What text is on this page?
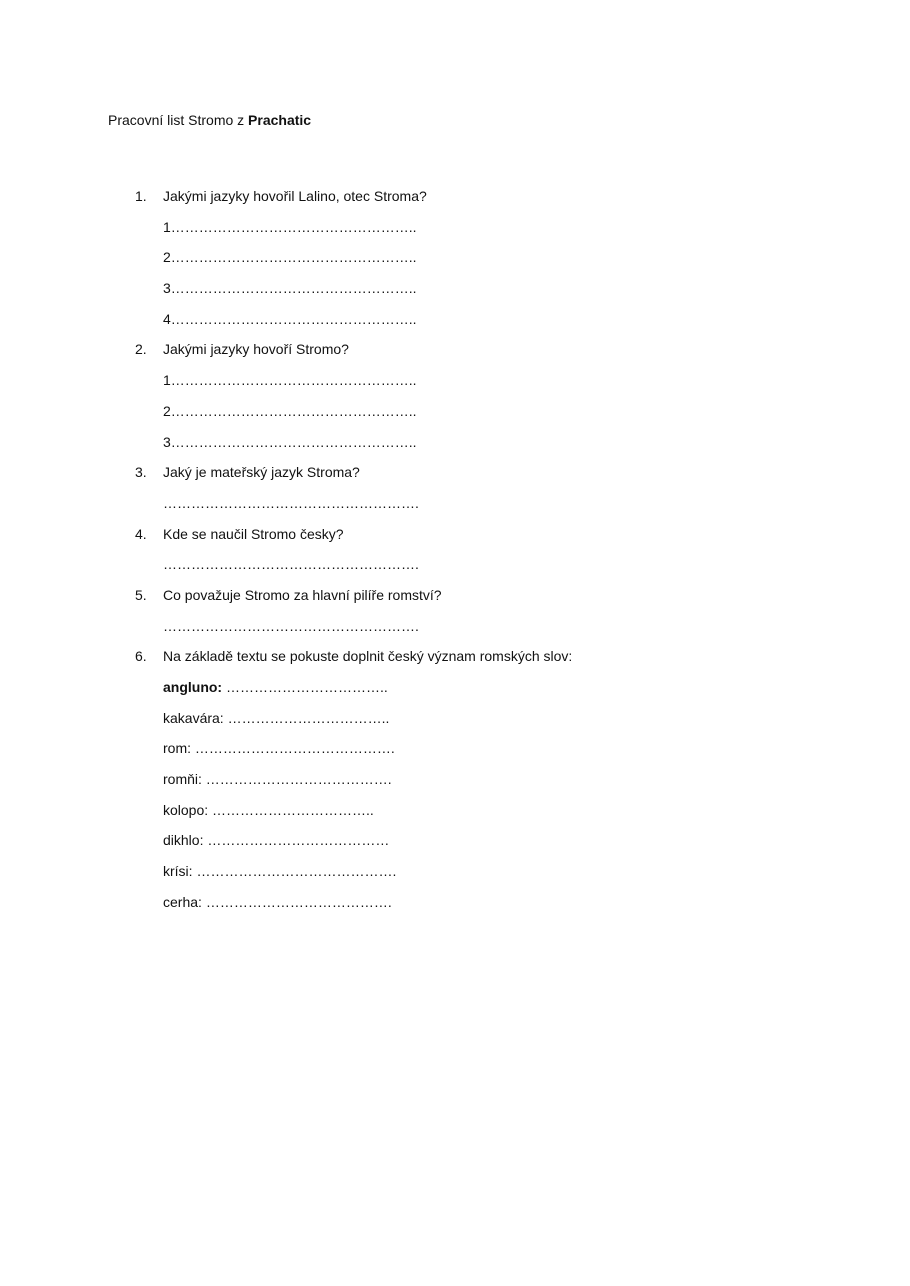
Pracovní list Stromo z Prachatic
1. Jakými jazyky hovořil Lalino, otec Stroma?
1……………………………………………..
2……………………………………………..
3……………………………………………..
4……………………………………………..
2. Jakými jazyky hovoří Stromo?
1……………………………………………..
2……………………………………………..
3……………………………………………..
3. Jaký je mateřský jazyk Stroma?
……………………………………………….
4. Kde se naučil Stromo česky?
……………………………………………….
5. Co považuje Stromo za hlavní pilíře romství?
……………………………………………….
6. Na základě textu se pokuste doplnit český význam romských slov:
angluno: ……………………………..
kakavára: ……………………………..
rom: …………………………………….
romňi: ………………………………….
kolopo: ……………………………..
dikhlo: …………………………………
krísi: …………………………………….
cerha: ………………………………….
